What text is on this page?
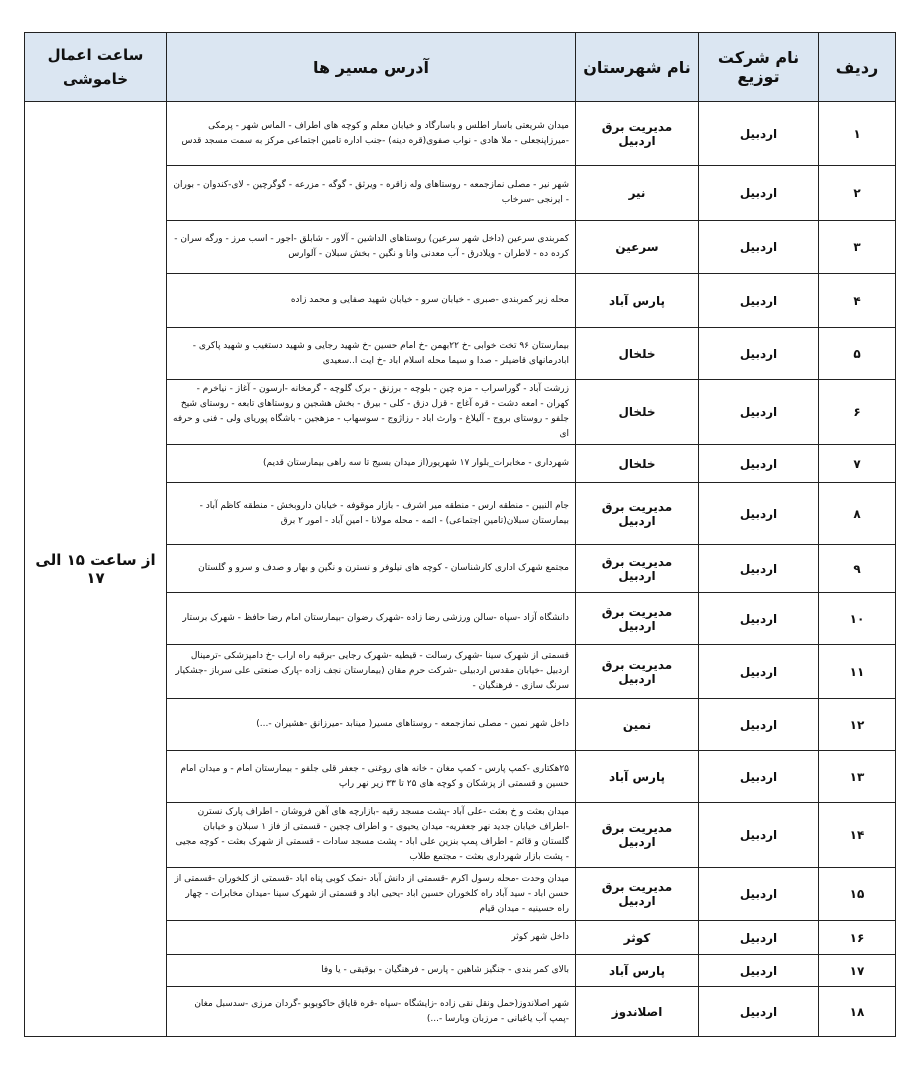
ردیف	نام شرکت توزیع	نام شهرستان	آدرس مسیر ها	ساعت اعمال خاموشی
۱	اردبیل	مدیریت برق اردبیل	میدان شریعتی باسار اطلس و باسارگاد و خیابان معلم و کوچه های اطراف - الماس شهر - پرمکی -میرزاپنجعلی - ملا هادی - نواب صفوی(قره دینه) -جنب اداره تامین اجتماعی مرکز به سمت مسجد قدس	از ساعت ۱۵ الی ۱۷
۲	اردبیل	نیر	شهر نیر - مصلی نمازجمعه - روستاهای وله زاقره - ویرثق - گوگه - مزرعه - گوگرچین - لای-کندوان - بوران - ایرنجی -سرخاب	
۳	اردبیل	سرعین	کمربندی سرعین (داخل شهر سرعین) روستاهای الداشین - آلاور - شابلق -اجور - اسب مرز - ورگه سران - کرده ده - لاطران - ویلادرق - آب معدنی وانا و نگین - بخش سبلان - آلوارس	
۴	اردبیل	پارس آباد	محله زیر کمربندی -صبری - خیابان سرو - خیابان شهید صفایی و محمد زاده	
۵	اردبیل	خلخال	بیمارستان ۹۶ تخت خوابی -خ ۲۲بهمن -خ امام حسین -خ شهید رجایی و شهید دستغیب و شهید پاکری - ابادرمانهای قاضیلر - صدا و سیما محله اسلام اباد -خ ایت ا..سعیدی	
۶	اردبیل	خلخال	زرشت آباد - گوراسراب - مزه چین - بلوچه - برزنق - برک گلوچه - گرمخانه -ارسون - آغاز - نیاخرم - کهران - امعه دشت - قره آغاج - قزل دزق - کلی - بیرق - بخش هشجین و روستاهای تابعه - روستای شیخ جلفو - روستای بروج - آلیلاغ - وارث اباد - رزاژوج - سوسهاب - مزهجین - باشگاه پوریای ولی - فنی و حرفه ای	
۷	اردبیل	خلخال	شهرداری - مخابرات_بلوار ۱۷ شهریور(از میدان بسیج تا سه راهی بیمارستان قدیم)	
۸	اردبیل	مدیریت برق اردبیل	جام النبین - منطقه ارس - منطقه میر اشرف - بازار موقوفه - خیابان داروبخش - منطقه کاظم آباد - بیمارستان سبلان(تامین اجتماعی) - ائمه - محله مولانا - امین آباد - امور ۲ برق	
۹	اردبیل	مدیریت برق اردبیل	مجتمع شهرک اداری کارشناسان - کوچه های نیلوفر و نسترن و نگین و بهار و صدف و سرو و گلستان	
۱۰	اردبیل	مدیریت برق اردبیل	دانشگاه آزاد -سپاه -سالن ورزشی رضا زاده -شهرک رضوان -بیمارستان امام رضا حافظ - شهرک برستار	
۱۱	اردبیل	مدیریت برق اردبیل	قسمتی از شهرک سینا -شهرک رسالت - قیطیه -شهرک رجایی -برقیه راه اراب -خ دامپزشکی -ترمینال اردبیل -خیابان مقدس اردبیلی -شرکت حرم مقان (بیمارستان نجف زاده -پارک صنعتی علی سرباز -جشکیار سرنگ سازی - فرهنگیان -	
۱۲	اردبیل	نمین	داخل شهر نمین - مصلی نمازجمعه - روستاهای مسیر( مینابد -میرزانق -هشیران -...)	
۱۳	اردبیل	پارس آباد	۲۵هکتاری -کمپ پارس - کمپ مغان - خانه های روغنی - جعفر قلی جلفو - بیمارستان امام - و میدان امام حسین و قسمتی از پزشکان و کوچه های ۲۵ تا ۳۳ زیر نهر راپ	
۱۴	اردبیل	مدیریت برق اردبیل	میدان بعثت و خ بعثت -علی آباد -پشت مسجد رقیه -بازارچه های آهن فروشان - اطراف پارک نسترن -اطراف خیابان جدید نهر جعفریه- میدان یحیوی - و اطراف چجین - قسمتی از فاز ۱ سبلان و خیابان گلستان و قائم - اطراف پمپ بنزین علی اباد - پشت مسجد سادات - قسمتی از شهرک بعثت - کوچه مجیی - پشت بازار شهرداری بعثت - مجتمع طلاب	
۱۵	اردبیل	مدیریت برق اردبیل	میدان وحدت -محله رسول اکرم -قسمتی از دانش آباد -نمک کوبی پناه اباد -قسمتی از کلخوران -قسمتی از حسن اباد - سید آباد راه کلخوران حسین اباد -یحیی اباد و قسمتی از شهرک سینا -میدان مخابرات - چهار راه حسینیه - میدان قیام	
۱۶	اردبیل	کوثر	داخل شهر کوثر	
۱۷	اردبیل	پارس آباد	بالای کمر بندی - جنگیز شاهین - پارس - فرهنگیان - بوقیقی - یا وفا	
۱۸	اردبیل	اصلاندوز	شهر اصلاندوز(حمل ونقل نقی زاده -زایشگاه -سپاه -قره قایاق حاکوبوبو -گردان مرزی -سدسبل مغان -پمپ آب یاغبانی - مرزبان وبارسا -...)	
